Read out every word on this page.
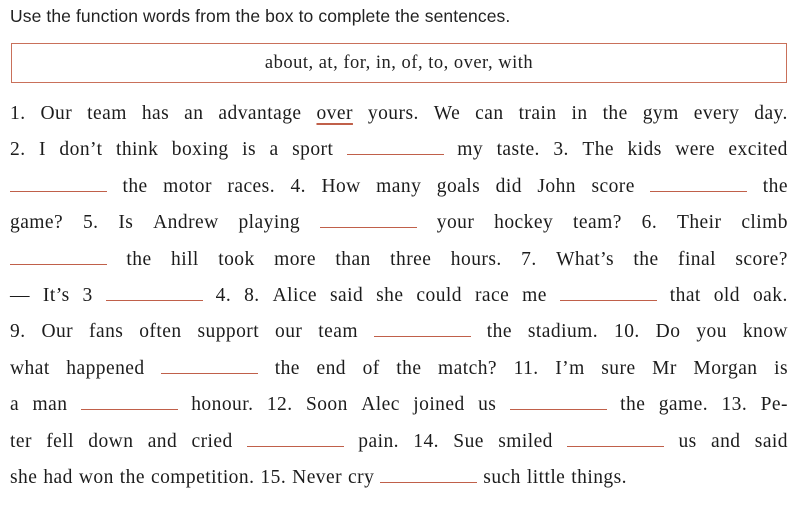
Use the function words from the box to complete the sentences.
about, at, for, in, of, to, over, with
1. Our team has an advantage over yours. We can train in the gym every day.
2. I don’t think boxing is a sport	my taste. 3. The kids were excited
the motor races. 4. How many goals did John score	the
game? 5. Is Andrew playing	your hockey team? 6. Their climb
the hill took more than three hours. 7. What’s the final score?
— It’s 3	4. 8. Alice said she could race me	that old oak.
9. Our fans often support our team	the stadium. 10. Do you know
what happened	the end of the match? 11. I’m sure Mr Morgan is
a man	honour. 12. Soon Alec joined us	the game. 13. Pe-
ter fell down and cried	pain. 14. Sue smiled	us and said
she had won the competition. 15. Never cry	such little things.
